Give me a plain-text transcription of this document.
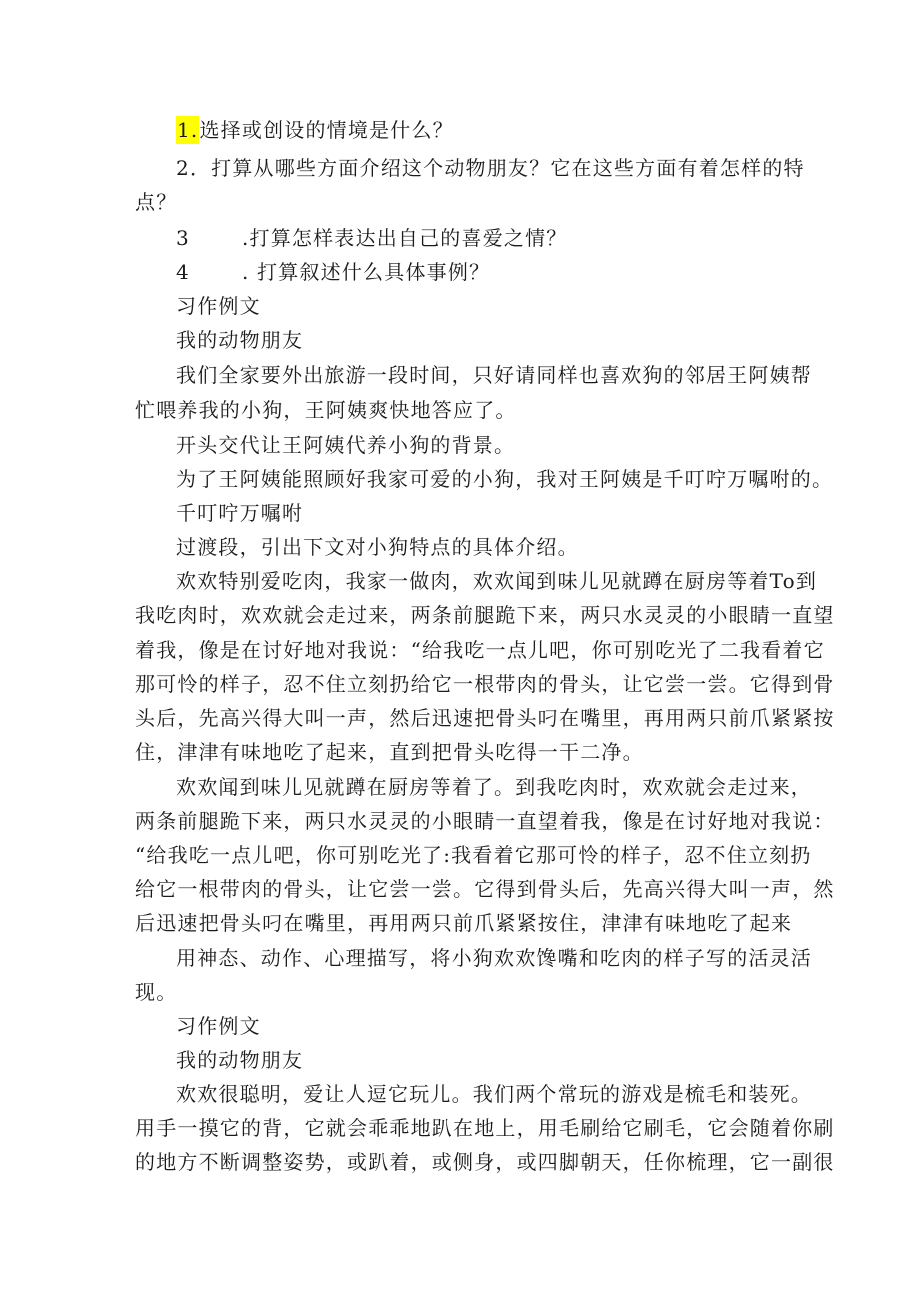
1.选择或创设的情境是什么？
2．打算从哪些方面介绍这个动物朋友？它在这些方面有着怎样的特
点？
3	.打算怎样表达出自己的喜爱之情？
4	. 打算叙述什么具体事例？
习作例文
我的动物朋友
我们全家要外出旅游一段时间，只好请同样也喜欢狗的邻居王阿姨帮
忙喂养我的小狗，王阿姨爽快地答应了。
开头交代让王阿姨代养小狗的背景。
为了王阿姨能照顾好我家可爱的小狗，我对王阿姨是千叮咛万嘱咐的。
千叮咛万嘱咐
过渡段，引出下文对小狗特点的具体介绍。
欢欢特别爱吃肉，我家一做肉，欢欢闻到味儿见就蹲在厨房等着To到
我吃肉时，欢欢就会走过来，两条前腿跪下来，两只水灵灵的小眼睛一直望
着我，像是在讨好地对我说：“给我吃一点儿吧，你可别吃光了二我看着它
那可怜的样子，忍不住立刻扔给它一根带肉的骨头，让它尝一尝。它得到骨
头后，先高兴得大叫一声，然后迅速把骨头叼在嘴里，再用两只前爪紧紧按
住，津津有味地吃了起来，直到把骨头吃得一干二净。
欢欢闻到味儿见就蹲在厨房等着了。到我吃肉时，欢欢就会走过来，
两条前腿跪下来，两只水灵灵的小眼睛一直望着我，像是在讨好地对我说：
“给我吃一点儿吧，你可别吃光了:我看着它那可怜的样子，忍不住立刻扔
给它一根带肉的骨头，让它尝一尝。它得到骨头后，先高兴得大叫一声，然
后迅速把骨头叼在嘴里，再用两只前爪紧紧按住，津津有味地吃了起来
用神态、动作、心理描写，将小狗欢欢馋嘴和吃肉的样子写的活灵活
现。
习作例文
我的动物朋友
欢欢很聪明，爱让人逗它玩儿。我们两个常玩的游戏是梳毛和装死。
用手一摸它的背，它就会乖乖地趴在地上，用毛刷给它刷毛，它会随着你刷
的地方不断调整姿势，或趴着，或侧身，或四脚朝天，任你梳理，它一副很
